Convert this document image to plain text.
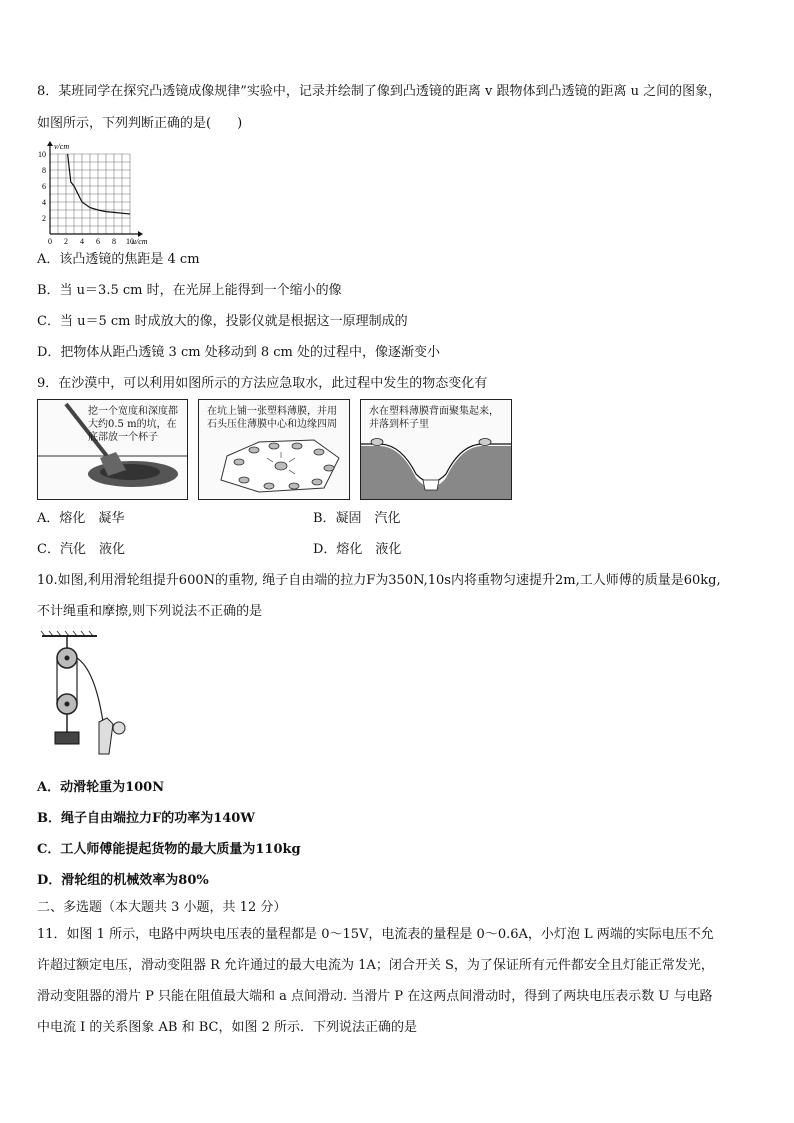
8．某班同学在探究凸透镜成像规律”实验中，记录并绘制了像到凸透镜的距离 v 跟物体到凸透镜的距离 u 之间的图象，
如图所示，下列判断正确的是(　　)
0 2 4 6 8 10
2
4
6
8
10
u/cm
v/cm
A．该凸透镜的焦距是 4 cm
B．当 u＝3.5 cm 时，在光屏上能得到一个缩小的像
C．当 u＝5 cm 时成放大的像，投影仪就是根据这一原理制成的
D．把物体从距凸透镜 3 cm 处移动到 8 cm 处的过程中，像逐渐变小
9．在沙漠中，可以利用如图所示的方法应急取水，此过程中发生的物态变化有
挖一个宽度和深度都大约0.5 m的坑，在底部放一个杯子
在坑上铺一张塑料薄膜，并用石头压住薄膜中心和边缘四周
水在塑料薄膜背面聚集起来，并落到杯子里
A．熔化　凝华	B．凝固　汽化
C．汽化　液化	D．熔化　液化
10.如图,利用滑轮组提升600N的重物, 绳子自由端的拉力F为350N,10s内将重物匀速提升2m,工人师傅的质量是60kg,
不计绳重和摩擦,则下列说法不正确的是
A．动滑轮重为100N
B．绳子自由端拉力F的功率为140W
C．工人师傅能提起货物的最大质量为110kg
D．滑轮组的机械效率为80%
二、多选题（本大题共 3 小题，共 12 分）
11．如图 1 所示，电路中两块电压表的量程都是 0～15V，电流表的量程是 0～0.6A，小灯泡 L 两端的实际电压不允
许超过额定电压，滑动变阻器 R 允许通过的最大电流为 1A；闭合开关 S，为了保证所有元件都安全且灯能正常发光，
滑动变阻器的滑片 P 只能在阻值最大端和 a 点间滑动. 当滑片 P 在这两点间滑动时，得到了两块电压表示数 U 与电路
中电流 I 的关系图象 AB 和 BC，如图 2 所示．下列说法正确的是
